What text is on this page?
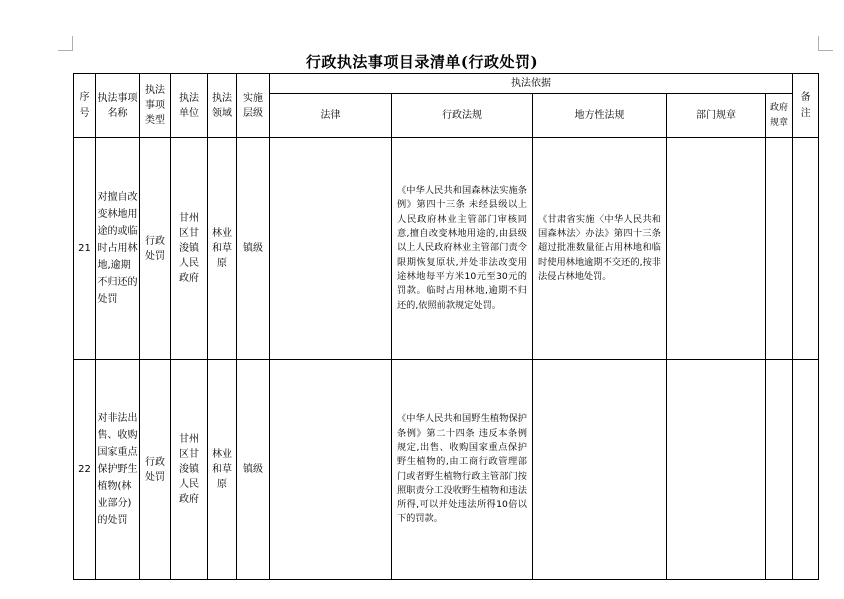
行政执法事项目录清单(行政处罚)
序号	执法事项名称	执法事项类型	执法单位	执法领域	实施层级	执法依据					备注
						法律	行政法规	地方性法规	部门规章	政府规章	
21	对擅自改变林地用途的或临时占用林地,逾期不归还的处罚	行政处罚	甘州区甘浚镇人民政府	林业和草原	镇级		《中华人民共和国森林法实施条例》第四十三条 未经县级以上人民政府林业主管部门审核同意,擅自改变林地用途的,由县级以上人民政府林业主管部门责令限期恢复原状,并处非法改变用途林地每平方米10元至30元的罚款。临时占用林地,逾期不归还的,依照前款规定处罚。	《甘肃省实施〈中华人民共和国森林法〉办法》第四十三条 超过批准数量征占用林地和临时使用林地逾期不交还的,按非法侵占林地处罚。			

22	对非法出售、收购国家重点保护野生植物(林业部分)的处罚	行政处罚	甘州区甘浚镇人民政府	林业和草原	镇级		《中华人民共和国野生植物保护条例》第二十四条 违反本条例规定,出售、收购国家重点保护野生植物的,由工商行政管理部门或者野生植物行政主管部门按照职责分工没收野生植物和违法所得,可以并处违法所得10倍以下的罚款。				
